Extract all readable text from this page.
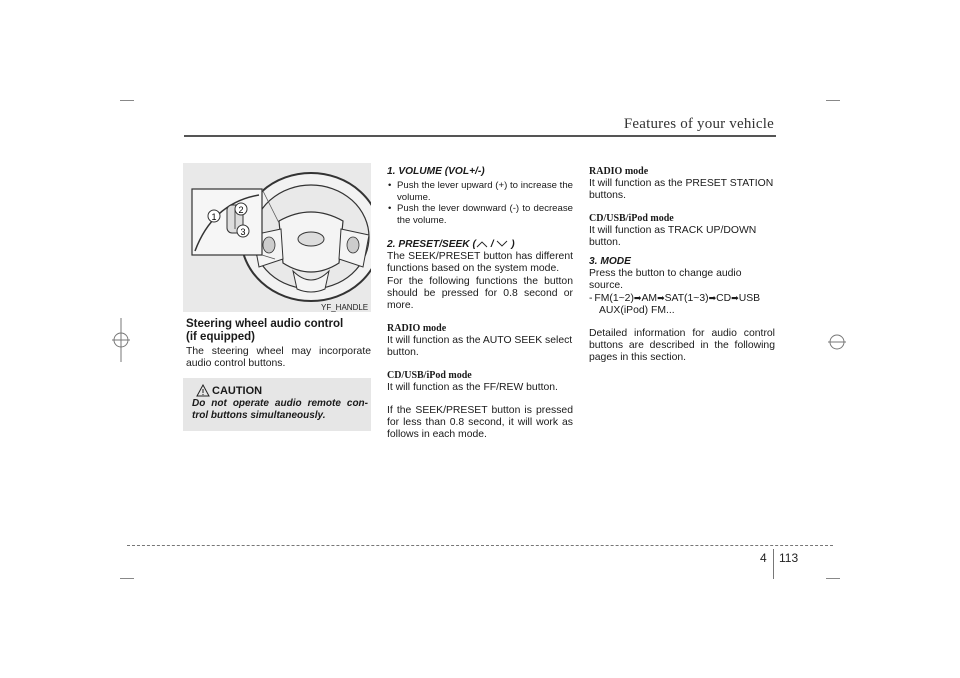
Features of your vehicle
1
2
3
YF_HANDLE
Steering wheel audio control
(if equipped)
The steering wheel may incorporate audio control buttons.
CAUTION
Do not operate audio remote con-trol buttons simultaneously.
1. VOLUME (VOL+/-)
• Push the lever upward (+) to increase the volume.
• Push the lever downward (-) to decrease the volume.
2. PRESET/SEEK ( /  )
The SEEK/PRESET button has different functions based on the system mode.
For the following functions the button should be pressed for 0.8 second or more.
RADIO mode
It will function as the AUTO SEEK select button.
CD/USB/iPod mode
It will function as the FF/REW button.
If the SEEK/PRESET button is pressed for less than 0.8 second, it will work as follows in each mode.
RADIO mode
It will function as the PRESET STATION buttons.
CD/USB/iPod mode
It will function as TRACK UP/DOWN button.
3. MODE
Press the button to change audio source.
- FM(1~2)➡AM➡SAT(1~3)➡CD➡USB
AUX(iPod) FM...
Detailed information for audio control buttons are described in the following pages in this section.
4 113
